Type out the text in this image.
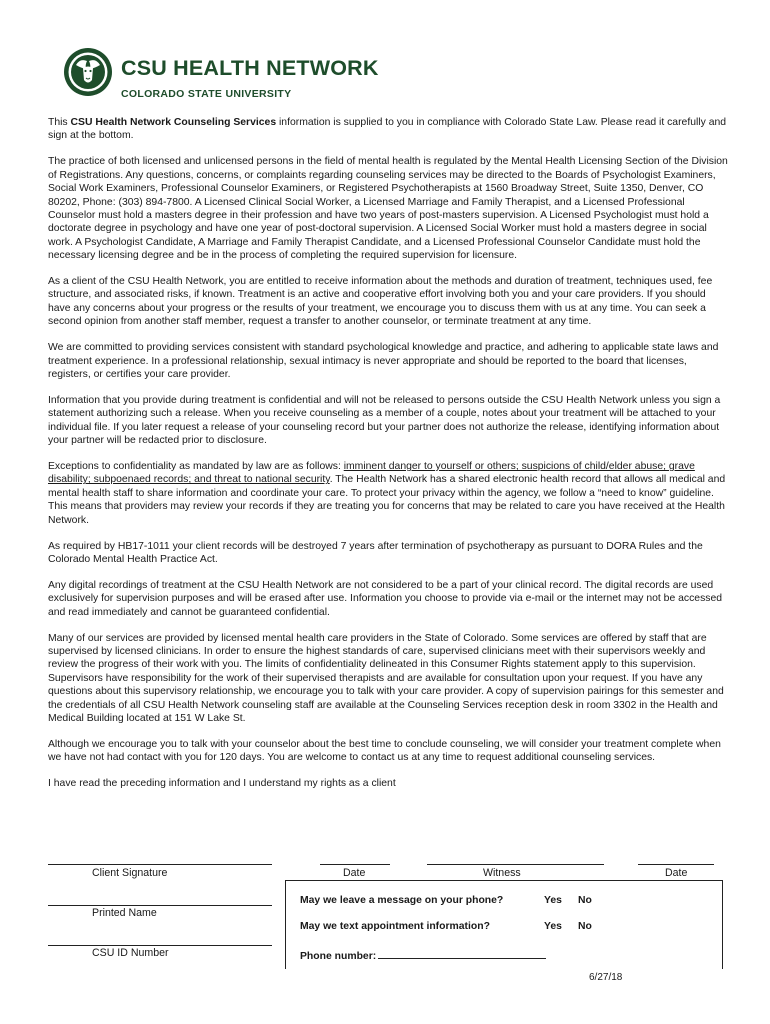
CSU HEALTH NETWORK
COLORADO STATE UNIVERSITY

This CSU Health Network Counseling Services information is supplied to you in compliance with Colorado State Law. Please read it carefully and sign at the bottom.

The practice of both licensed and unlicensed persons in the field of mental health is regulated by the Mental Health Licensing Section of the Division of Registrations. Any questions, concerns, or complaints regarding counseling services may be directed to the Boards of Psychologist Examiners, Social Work Examiners, Professional Counselor Examiners, or Registered Psychotherapists at 1560 Broadway Street, Suite 1350, Denver, CO 80202, Phone: (303) 894-7800. A Licensed Clinical Social Worker, a Licensed Marriage and Family Therapist, and a Licensed Professional Counselor must hold a masters degree in their profession and have two years of post-masters supervision. A Licensed Psychologist must hold a doctorate degree in psychology and have one year of post-doctoral supervision. A Licensed Social Worker must hold a masters degree in social work. A Psychologist Candidate, A Marriage and Family Therapist Candidate, and a Licensed Professional Counselor Candidate must hold the necessary licensing degree and be in the process of completing the required supervision for licensure.

As a client of the CSU Health Network, you are entitled to receive information about the methods and duration of treatment, techniques used, fee structure, and associated risks, if known. Treatment is an active and cooperative effort involving both you and your care providers. If you should have any concerns about your progress or the results of your treatment, we encourage you to discuss them with us at any time. You can seek a second opinion from another staff member, request a transfer to another counselor, or terminate treatment at any time.

We are committed to providing services consistent with standard psychological knowledge and practice, and adhering to applicable state laws and treatment experience. In a professional relationship, sexual intimacy is never appropriate and should be reported to the board that licenses, registers, or certifies your care provider.

Information that you provide during treatment is confidential and will not be released to persons outside the CSU Health Network unless you sign a statement authorizing such a release. When you receive counseling as a member of a couple, notes about your treatment will be attached to your individual file. If you later request a release of your counseling record but your partner does not authorize the release, identifying information about your partner will be redacted prior to disclosure.

Exceptions to confidentiality as mandated by law are as follows: imminent danger to yourself or others; suspicions of child/elder abuse; grave disability; subpoenaed records; and threat to national security. The Health Network has a shared electronic health record that allows all medical and mental health staff to share information and coordinate your care. To protect your privacy within the agency, we follow a “need to know” guideline. This means that providers may review your records if they are treating you for concerns that may be related to care you have received at the Health Network.

As required by HB17-1011 your client records will be destroyed 7 years after termination of psychotherapy as pursuant to DORA Rules and the Colorado Mental Health Practice Act.

Any digital recordings of treatment at the CSU Health Network are not considered to be a part of your clinical record. The digital records are used exclusively for supervision purposes and will be erased after use. Information you choose to provide via e-mail or the internet may not be accessed and read immediately and cannot be guaranteed confidential.

Many of our services are provided by licensed mental health care providers in the State of Colorado. Some services are offered by staff that are supervised by licensed clinicians. In order to ensure the highest standards of care, supervised clinicians meet with their supervisors weekly and review the progress of their work with you. The limits of confidentiality delineated in this Consumer Rights statement apply to this supervision. Supervisors have responsibility for the work of their supervised therapists and are available for consultation upon your request. If you have any questions about this supervisory relationship, we encourage you to talk with your care provider. A copy of supervision pairings for this semester and the credentials of all CSU Health Network counseling staff are available at the Counseling Services reception desk in room 3302 in the Health and Medical Building located at 151 W Lake St.

Although we encourage you to talk with your counselor about the best time to conclude counseling, we will consider your treatment complete when we have not had contact with you for 120 days. You are welcome to contact us at any time to request additional counseling services.

I have read the preceding information and I understand my rights as a client

Client Signature	Date	Witness	Date
Printed Name
CSU ID Number
May we leave a message on your phone?	Yes No
May we text appointment information?	Yes No
Phone number:
6/27/18
